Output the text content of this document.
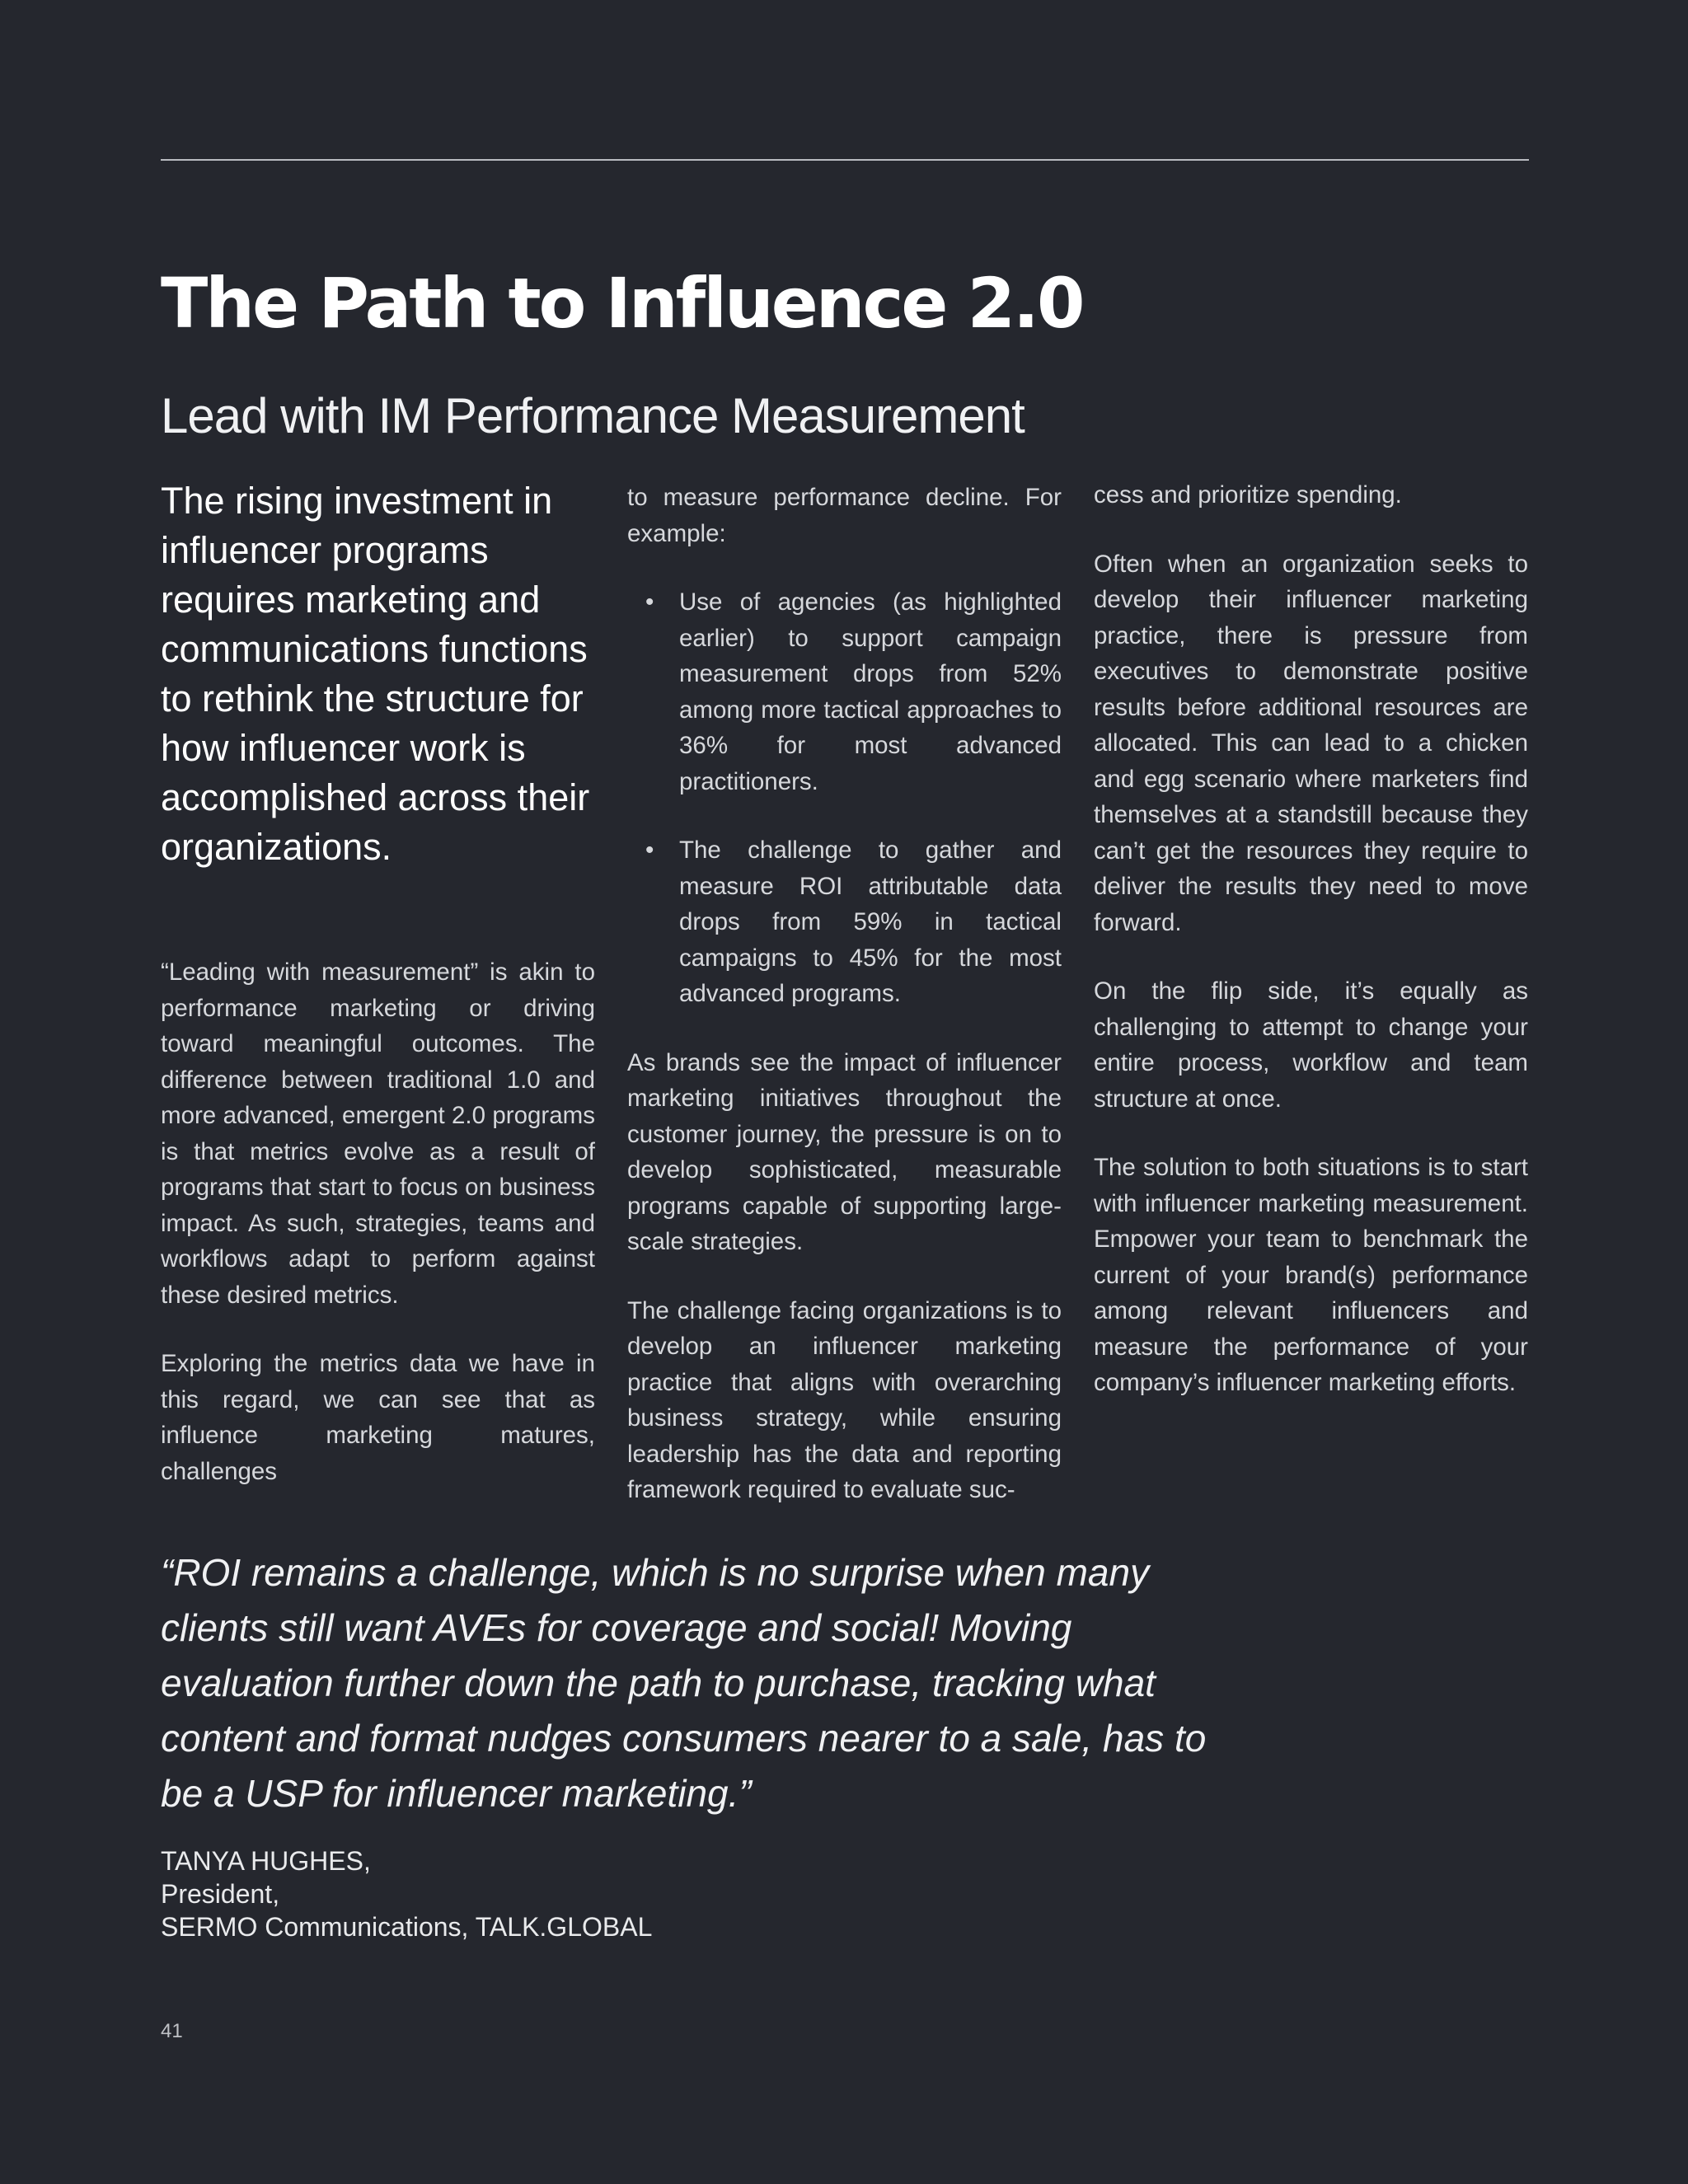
The Path to Influence 2.0
Lead with IM Performance Measurement

The rising investment in influencer programs requires marketing and communications functions to rethink the structure for how influencer work is accomplished across their organizations.

“Leading with measurement” is akin to performance marketing or driving toward meaningful outcomes. The difference between traditional 1.0 and more advanced, emergent 2.0 programs is that metrics evolve as a result of programs that start to focus on business impact. As such, strategies, teams and workflows adapt to perform against these desired metrics.

Exploring the metrics data we have in this regard, we can see that as influence marketing matures, challenges

to measure performance decline. For example:

• Use of agencies (as highlighted earlier) to support campaign measurement drops from 52% among more tactical approaches to 36% for most advanced practitioners.
• The challenge to gather and measure ROI attributable data drops from 59% in tactical campaigns to 45% for the most advanced programs.

As brands see the impact of influencer marketing initiatives throughout the customer journey, the pressure is on to develop sophisticated, measurable programs capable of supporting large-scale strategies.

The challenge facing organizations is to develop an influencer marketing practice that aligns with overarching business strategy, while ensuring leadership has the data and reporting framework required to evaluate suc-

cess and prioritize spending.

Often when an organization seeks to develop their influencer marketing practice, there is pressure from executives to demonstrate positive results before additional resources are allocated. This can lead to a chicken and egg scenario where marketers find themselves at a standstill because they can’t get the resources they require to deliver the results they need to move forward.

On the flip side, it’s equally as challenging to attempt to change your entire process, workflow and team structure at once.

The solution to both situations is to start with influencer marketing measurement. Empower your team to benchmark the current of your brand(s) performance among relevant influencers and measure the performance of your company’s influencer marketing efforts.

“ROI remains a challenge, which is no surprise when many clients still want AVEs for coverage and social! Moving evaluation further down the path to purchase, tracking what content and format nudges consumers nearer to a sale, has to be a USP for influencer marketing.”
TANYA HUGHES,
President,
SERMO Communications, TALK.GLOBAL
41
